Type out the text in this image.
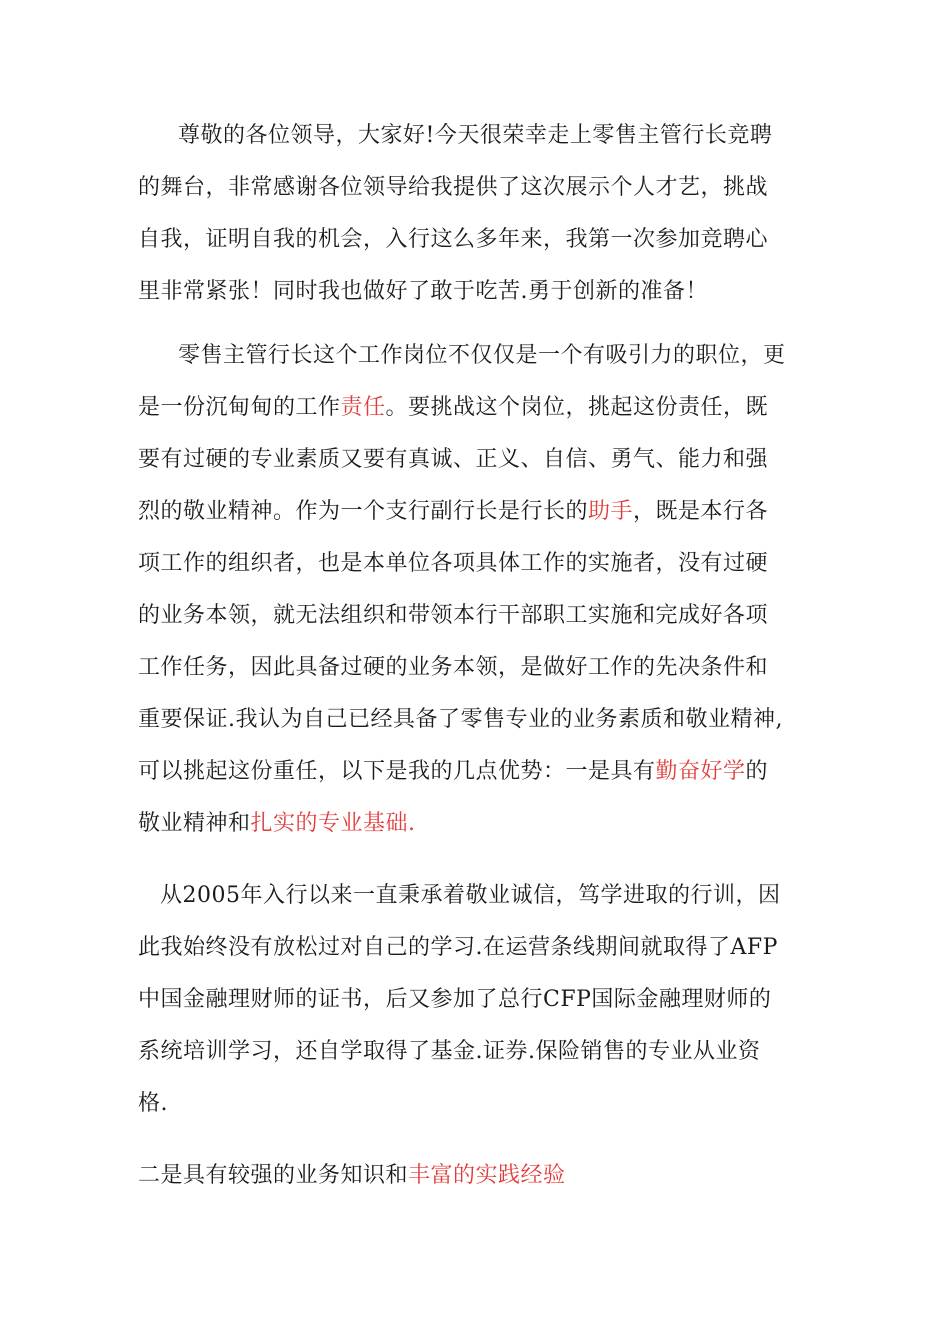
尊敬的各位领导，大家好!今天很荣幸走上零售主管行长竞聘
的舞台，非常感谢各位领导给我提供了这次展示个人才艺，挑战
自我，证明自我的机会，入行这么多年来，我第一次参加竞聘心
里非常紧张！同时我也做好了敢于吃苦.勇于创新的准备！
零售主管行长这个工作岗位不仅仅是一个有吸引力的职位，更
是一份沉甸甸的工作责任。要挑战这个岗位，挑起这份责任，既
要有过硬的专业素质又要有真诚、正义、自信、勇气、能力和强
烈的敬业精神。作为一个支行副行长是行长的助手，既是本行各
项工作的组织者，也是本单位各项具体工作的实施者，没有过硬
的业务本领，就无法组织和带领本行干部职工实施和完成好各项
工作任务，因此具备过硬的业务本领，是做好工作的先决条件和
重要保证.我认为自己已经具备了零售专业的业务素质和敬业精神,
可以挑起这份重任，以下是我的几点优势：一是具有勤奋好学的
敬业精神和扎实的专业基础.
从2005年入行以来一直秉承着敬业诚信，笃学进取的行训，因
此我始终没有放松过对自己的学习.在运营条线期间就取得了AFP
中国金融理财师的证书，后又参加了总行CFP国际金融理财师的
系统培训学习，还自学取得了基金.证券.保险销售的专业从业资
格.
二是具有较强的业务知识和丰富的实践经验
